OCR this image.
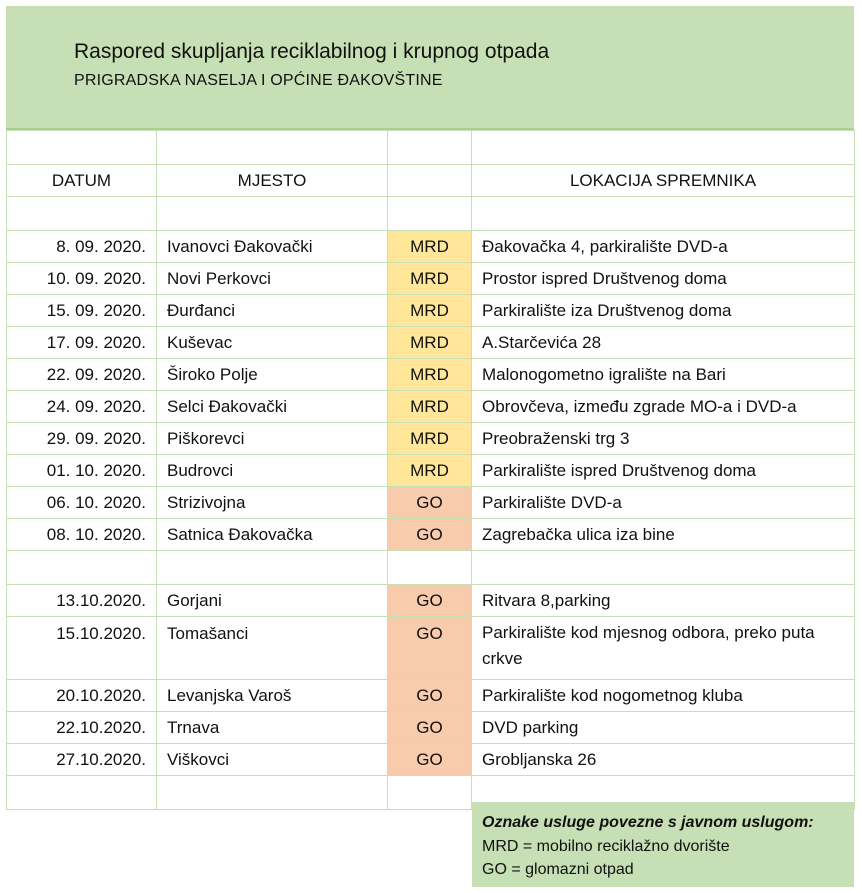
Raspored skupljanja reciklabilnog i krupnog otpada
PRIGRADSKA NASELJA I OPĆINE ĐAKOVŠTINE

DATUM	MJESTO		LOKACIJA SPREMNIKA

8. 09. 2020.	Ivanovci Đakovački	MRD	Đakovačka 4, parkiralište DVD-a
10. 09. 2020.	Novi Perkovci	MRD	Prostor ispred Društvenog doma
15. 09. 2020.	Đurđanci	MRD	Parkiralište iza Društvenog doma
17. 09. 2020.	Kuševac	MRD	A.Starčevića 28
22. 09. 2020.	Široko Polje	MRD	Malonogometno igralište na Bari
24. 09. 2020.	Selci Đakovački	MRD	Obrovčeva, između zgrade MO-a i DVD-a
29. 09. 2020.	Piškorevci	MRD	Preobraženski trg 3
01. 10. 2020.	Budrovci	MRD	Parkiralište ispred Društvenog doma
06. 10. 2020.	Strizivojna	GO	Parkiralište DVD-a
08. 10. 2020.	Satnica Đakovačka	GO	Zagrebačka ulica iza bine

13.10.2020.	Gorjani	GO	Ritvara 8,parking
15.10.2020.	Tomašanci	GO	Parkiralište kod mjesnog odbora, preko puta crkve
20.10.2020.	Levanjska Varoš	GO	Parkiralište kod nogometnog kluba
22.10.2020.	Trnava	GO	DVD parking
27.10.2020.	Viškovci	GO	Grobljanska 26

Oznake usluge povezne s javnom uslugom:
MRD = mobilno reciklažno dvorište
GO = glomazni otpad
